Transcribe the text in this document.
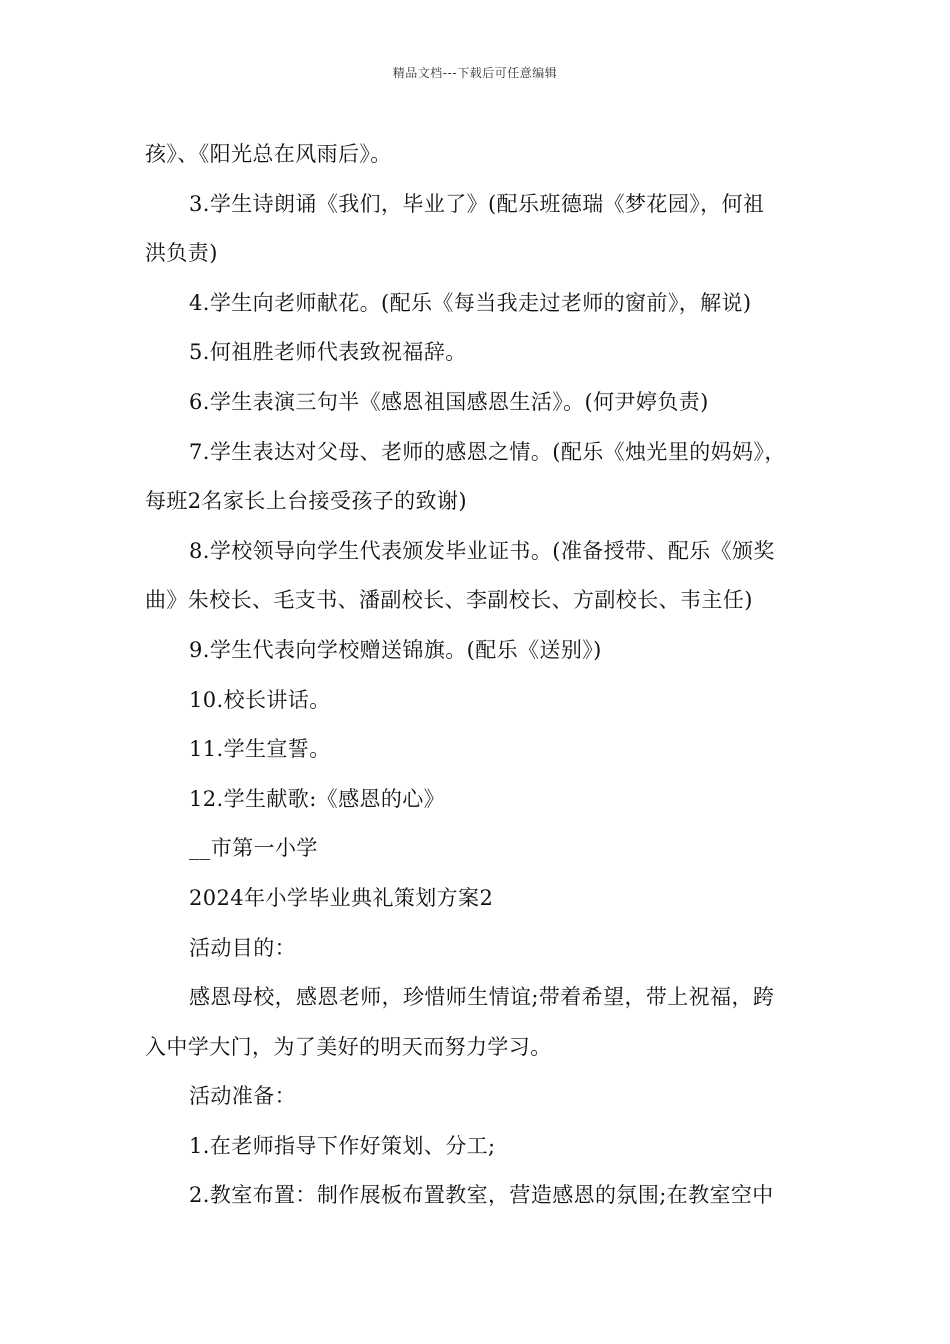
精品文档---下载后可任意编辑
孩》、《阳光总在风雨后》。
3.学生诗朗诵《我们，毕业了》(配乐班德瑞《梦花园》，何祖
洪负责)
4.学生向老师献花。(配乐《每当我走过老师的窗前》，解说)
5.何祖胜老师代表致祝福辞。
6.学生表演三句半《感恩祖国感恩生活》。(何尹婷负责)
7.学生表达对父母、老师的感恩之情。(配乐《烛光里的妈妈》，
每班2名家长上台接受孩子的致谢)
8.学校领导向学生代表颁发毕业证书。(准备授带、配乐《颁奖
曲》朱校长、毛支书、潘副校长、李副校长、方副校长、韦主任)
9.学生代表向学校赠送锦旗。(配乐《送别》)
10.校长讲话。
11.学生宣誓。
12.学生献歌:《感恩的心》
__市第一小学
2024年小学毕业典礼策划方案2
活动目的：
感恩母校，感恩老师，珍惜师生情谊;带着希望，带上祝福，跨
入中学大门，为了美好的明天而努力学习。
活动准备：
1.在老师指导下作好策划、分工;
2.教室布置：制作展板布置教室，营造感恩的氛围;在教室空中
